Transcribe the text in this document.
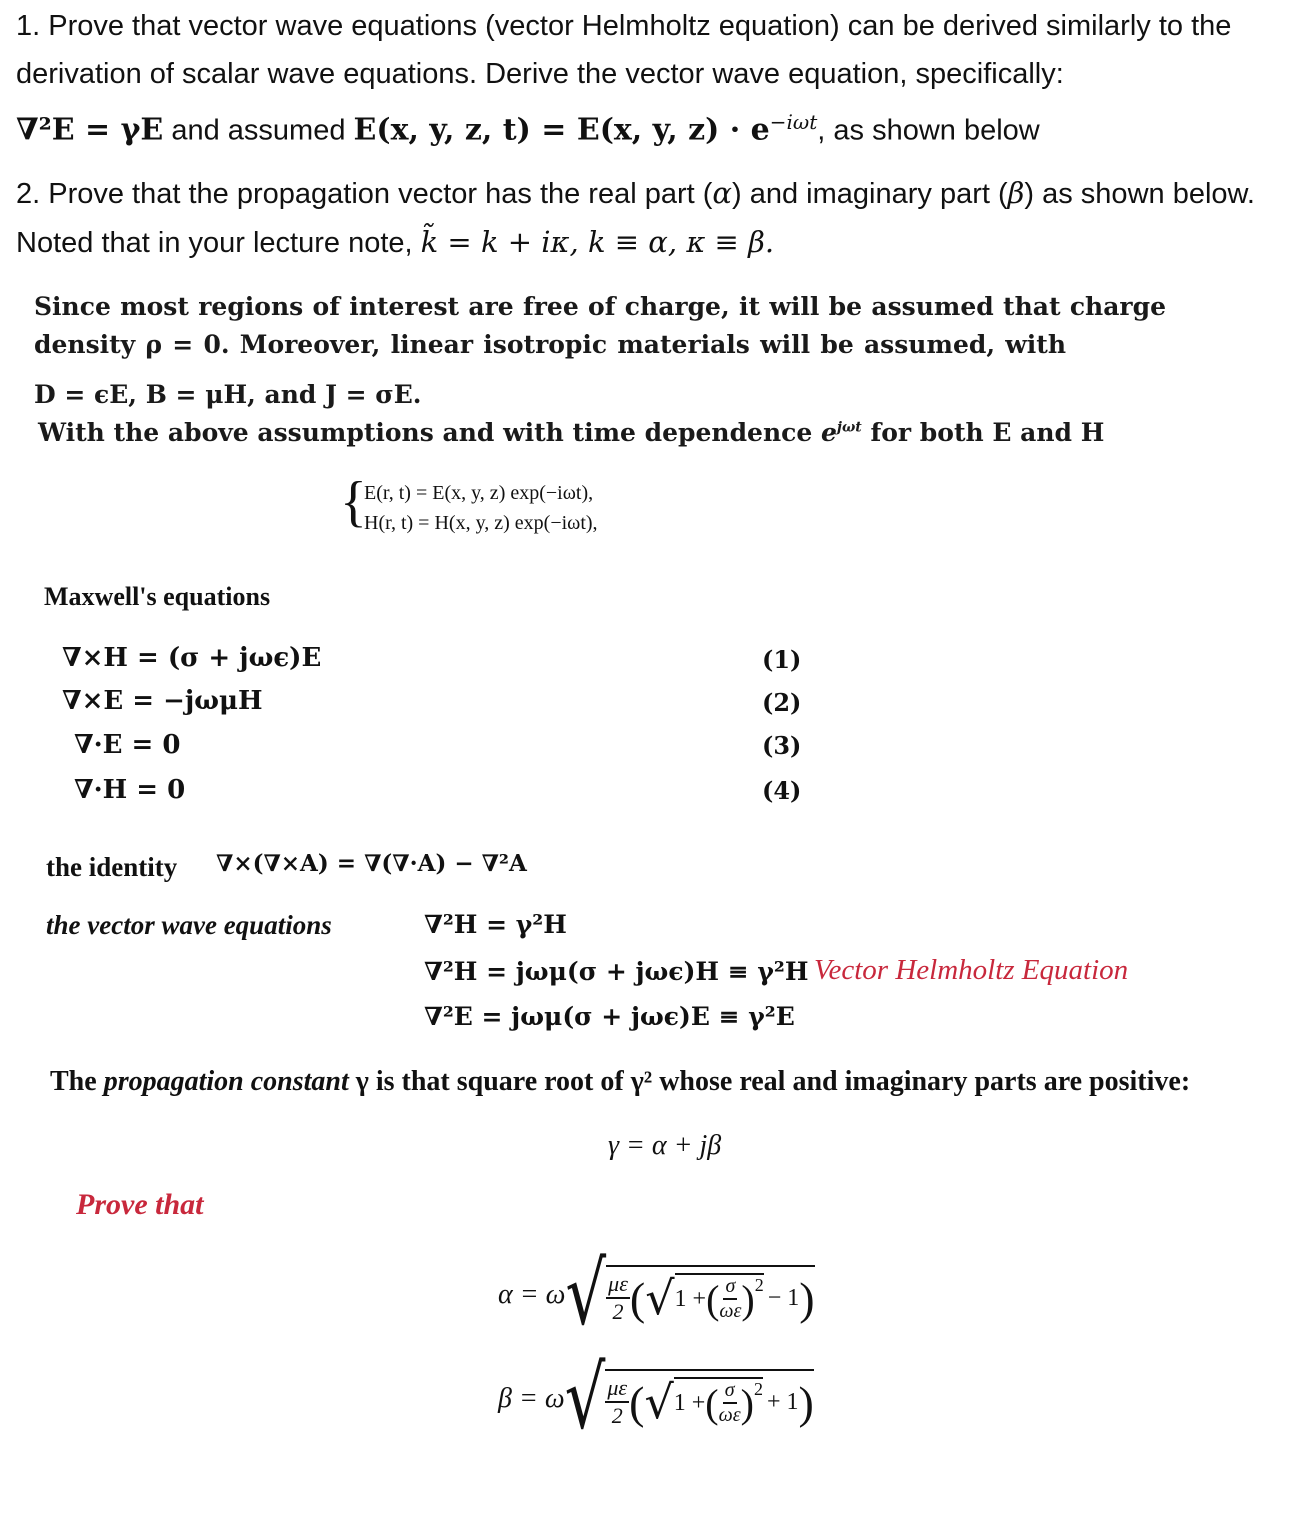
1. Prove that vector wave equations (vector Helmholtz equation) can be derived similarly to the derivation of scalar wave equations. Derive the vector wave equation, specifically:
∇²E = γE and assumed E(x, y, z, t) = E(x, y, $z) \cdot e^{-i\omega t}$, as shown below
2. Prove that the propagation vector has the real part (α) and imaginary part (β) as shown below. Noted that in your lecture note, k̃ = k + iκ, k ≡ α, κ ≡ β.
Since most regions of interest are free of charge, it will be assumed that charge
density ρ = 0. Moreover, linear isotropic materials will be assumed, with
D = ϵE, B = μH, and J = σE.
With the above assumptions and with time dependence $e^{j\omega t}$ for both E and H
{
E(r, t) = E(x, y, z) exp(−iωt),
H(r, t) = H(x, y, z) exp(−iωt),
Maxwell's equations
∇×H = (σ + jωϵ)E	(1)
∇×E = −jωμH	(2)
∇·E = 0	(3)
∇·H = 0	(4)
the identity ∇×(∇×A) = ∇(∇·A) − ∇²A
the vector wave equations	∇²H = γ²H
∇²H = jωμ(σ + jωϵ)H ≡ γ²H Vector Helmholtz Equation
∇²E = jωμ(σ + jωϵ)E ≡ γ²E
The propagation constant γ is that square root of γ² whose real and imaginary parts are positive:
γ = α + jβ
Prove that
α = ω √ $\frac{\mu\varepsilon}{2}$ ( √ 1 + ( $\frac{\sigma}{\omega\varepsilon} )^2 - 1$ )
β = ω √ $\frac{\mu\varepsilon}{2}$ ( √ 1 + ( $\frac{\sigma}{\omega\varepsilon} )^2 + 1$ )
